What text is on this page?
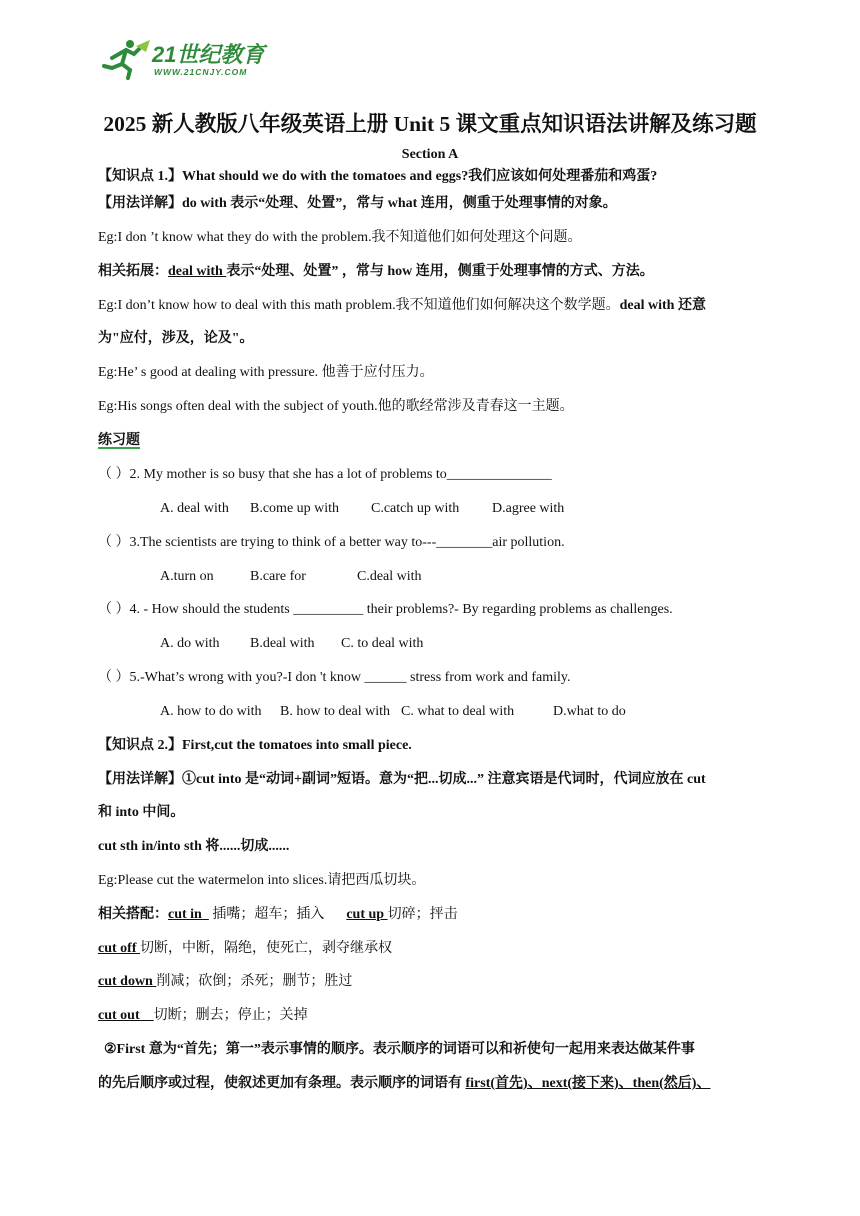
21世纪教育
WWW.21CNJY.COM
2025 新人教版八年级英语上册 Unit 5 课文重点知识语法讲解及练习题
Section A
【知识点 1.】What should we do with the tomatoes and eggs?我们应该如何处理番茄和鸡蛋?
【用法详解】do with 表示“处理、处置”，常与 what 连用，侧重于处理事情的对象。
Eg:I don ’t know what they do with the problem.我不知道他们如何处理这个问题。
相关拓展：deal with 表示“处理、处置” ，常与 how 连用，侧重于处理事情的方式、方法。
Eg:I don’t know how to deal with this math problem.我不知道他们如何解决这个数学题。deal with 还意
为"应付，涉及，论及"。
Eg:He’ s good at dealing with pressure. 他善于应付压力。
Eg:His songs often deal with the subject of youth.他的歌经常涉及青春这一主题。
练习题
（ ）2. My mother is so busy that she has a lot of problems to_______________
A. deal with B.come up with C.catch up with D.agree with
（ ）3.The scientists are trying to think of a better way to---________air pollution.
A.turn on	B.care for	C.deal with
（ ）4. - How should the students __________ their problems?- By regarding problems as challenges.
A. do with B.deal with C. to deal with
（ ）5.-What’s wrong with you?-I don 't know ______ stress from work and family.
A. how to do with B. how to deal with C. what to deal with	D.what to do
【知识点 2.】First,cut the tomatoes into small piece.
【用法详解】①cut into 是“动词+副词”短语。意为“把...切成...” 注意宾语是代词时，代词应放在 cut
和 into 中间。
cut sth in/into sth 将......切成......
Eg:Please cut the watermelon into slices.请把西瓜切块。
相关搭配：cut in   插嘴；超车；插入 cut up 切碎；抨击
cut off 切断，中断，隔绝，使死亡，剥夺继承权
cut down 削减；砍倒；杀死；删节；胜过
cut out    切断；删去；停止；关掉
②First 意为“首先；第一”表示事情的顺序。表示顺序的词语可以和祈使句一起用来表达做某件事
的先后顺序或过程，使叙述更加有条理。表示顺序的词语有 first(首先)、next(接下来)、then(然后)、
